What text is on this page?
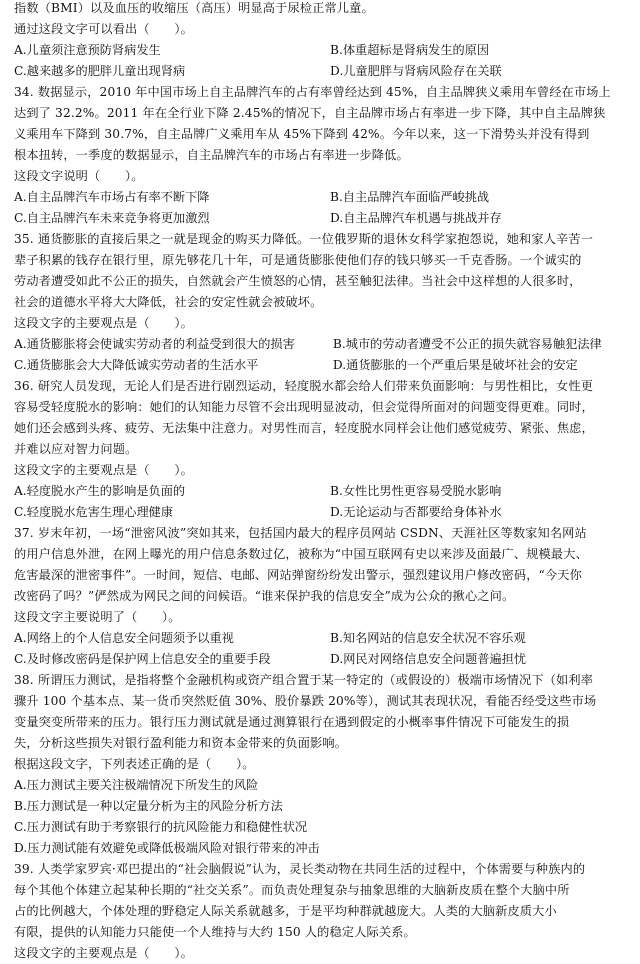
指数（BMI）以及血压的收缩压（高压）明显高于尿检正常儿童。
通过这段文字可以看出（　　）。
A.儿童须注意预防肾病发生	B.体重超标是肾病发生的原因
C.越来越多的肥胖儿童出现肾病	D.儿童肥胖与肾病风险存在关联
34. 数据显示，2010 年中国市场上自主品牌汽车的占有率曾经达到 45%，自主品牌狭义乘用车曾经在市场上
达到了 32.2%。2011 年在全行业下降 2.45%的情况下，自主品牌市场占有率进一步下降，其中自主品牌狭
义乘用车下降到 30.7%，自主品牌广义乘用车从 45%下降到 42%。今年以来，这一下滑势头并没有得到
根本扭转，一季度的数据显示，自主品牌汽车的市场占有率进一步降低。
这段文字说明（　　）。
A.自主品牌汽车市场占有率不断下降	B.自主品牌汽车面临严峻挑战
C.自主品牌汽车未来竞争将更加激烈	D.自主品牌汽车机遇与挑战并存
35. 通货膨胀的直接后果之一就是现金的购买力降低。一位俄罗斯的退休女科学家抱怨说，她和家人辛苦一
辈子积累的钱存在银行里，原先够花几十年，可是通货膨胀使他们存的钱只够买一千克香肠。一个诚实的
劳动者遭受如此不公正的损失，自然就会产生愤怒的心情，甚至触犯法律。当社会中这样想的人很多时，
社会的道德水平将大大降低，社会的安定性就会被破坏。
这段文字的主要观点是（　　）。
A.通货膨胀将会使诚实劳动者的利益受到很大的损害	B.城市的劳动者遭受不公正的损失就容易触犯法律
C.通货膨胀会大大降低诚实劳动者的生活水平	D.通货膨胀的一个严重后果是破坏社会的安定
36. 研究人员发现，无论人们是否进行剧烈运动，轻度脱水都会给人们带来负面影响：与男性相比，女性更
容易受轻度脱水的影响：她们的认知能力尽管不会出现明显波动，但会觉得所面对的问题变得更难。同时，
她们还会感到头疼、疲劳、无法集中注意力。对男性而言，轻度脱水同样会让他们感觉疲劳、紧张、焦虑，
并难以应对智力问题。
这段文字的主要观点是（　　）。
A.轻度脱水产生的影响是负面的	B.女性比男性更容易受脱水影响
C.轻度脱水危害生理心理健康	D.无论运动与否都要给身体补水
37. 岁末年初，一场“泄密风波”突如其来，包括国内最大的程序员网站 CSDN、天涯社区等数家知名网站
的用户信息外泄，在网上曝光的用户信息条数过亿，被称为“中国互联网有史以来涉及面最广、规模最大、
危害最深的泄密事件”。一时间，短信、电邮、网站弹窗纷纷发出警示，强烈建议用户修改密码，“今天你
改密码了吗？”俨然成为网民之间的问候语。“谁来保护我的信息安全”成为公众的揪心之问。
这段文字主要说明了（　　）。
A.网络上的个人信息安全问题须予以重视	B.知名网站的信息安全状况不容乐观
C.及时修改密码是保护网上信息安全的重要手段	D.网民对网络信息安全问题普遍担忧
38. 所谓压力测试，是指将整个金融机构或资产组合置于某一特定的（或假设的）极端市场情况下（如利率
骤升 100 个基本点、某一货币突然贬值 30%、股价暴跌 20%等），测试其表现状况，看能否经受这些市场
变量突变所带来的压力。银行压力测试就是通过测算银行在遇到假定的小概率事件情况下可能发生的损
失，分析这些损失对银行盈利能力和资本金带来的负面影响。
根据这段文字，下列表述正确的是（　　）。
A.压力测试主要关注极端情况下所发生的风险
B.压力测试是一种以定量分析为主的风险分析方法
C.压力测试有助于考察银行的抗风险能力和稳健性状况
D.压力测试能有效避免或降低极端风险对银行带来的冲击
39. 人类学家罗宾·邓巴提出的“社会脑假说”认为，灵长类动物在共同生活的过程中，个体需要与种族内的
每个其他个体建立起某种长期的“社交关系”。而负责处理复杂与抽象思维的大脑新皮质在整个大脑中所
占的比例越大，个体处理的野稳定人际关系就越多，于是平均种群就越庞大。人类的大脑新皮质大小
有限，提供的认知能力只能使一个人维持与大约 150 人的稳定人际关系。
这段文字的主要观点是（　　）。
